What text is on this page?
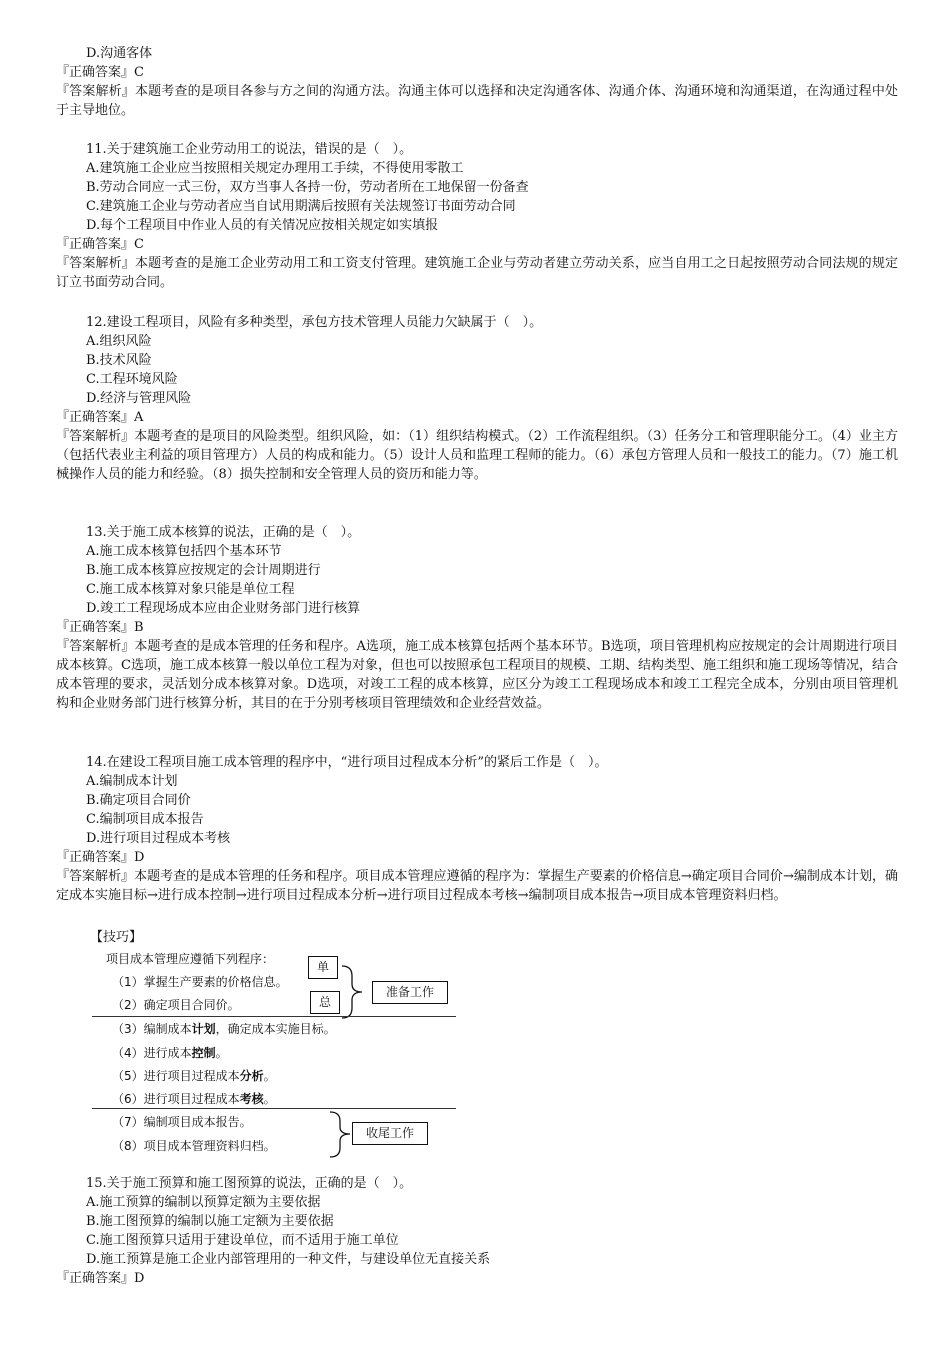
D.沟通客体
『正确答案』C
『答案解析』本题考查的是项目各参与方之间的沟通方法。沟通主体可以选择和决定沟通客体、沟通介体、沟通环境和沟通渠道，在沟通过程中处于主导地位。
11.关于建筑施工企业劳动用工的说法，错误的是（　）。
A.建筑施工企业应当按照相关规定办理用工手续，不得使用零散工
B.劳动合同应一式三份，双方当事人各持一份，劳动者所在工地保留一份备查
C.建筑施工企业与劳动者应当自试用期满后按照有关法规签订书面劳动合同
D.每个工程项目中作业人员的有关情况应按相关规定如实填报
『正确答案』C
『答案解析』本题考查的是施工企业劳动用工和工资支付管理。建筑施工企业与劳动者建立劳动关系，应当自用工之日起按照劳动合同法规的规定订立书面劳动合同。
12.建设工程项目，风险有多种类型，承包方技术管理人员能力欠缺属于（　）。
A.组织风险
B.技术风险
C.工程环境风险
D.经济与管理风险
『正确答案』A
『答案解析』本题考查的是项目的风险类型。组织风险，如：（1）组织结构模式。（2）工作流程组织。（3）任务分工和管理职能分工。（4）业主方（包括代表业主利益的项目管理方）人员的构成和能力。（5）设计人员和监理工程师的能力。（6）承包方管理人员和一般技工的能力。（7）施工机械操作人员的能力和经验。（8）损失控制和安全管理人员的资历和能力等。
13.关于施工成本核算的说法，正确的是（　）。
A.施工成本核算包括四个基本环节
B.施工成本核算应按规定的会计周期进行
C.施工成本核算对象只能是单位工程
D.竣工工程现场成本应由企业财务部门进行核算
『正确答案』B
『答案解析』本题考查的是成本管理的任务和程序。A选项，施工成本核算包括两个基本环节。B选项，项目管理机构应按规定的会计周期进行项目成本核算。C选项，施工成本核算一般以单位工程为对象，但也可以按照承包工程项目的规模、工期、结构类型、施工组织和施工现场等情况，结合成本管理的要求，灵活划分成本核算对象。D选项，对竣工工程的成本核算，应区分为竣工工程现场成本和竣工工程完全成本，分别由项目管理机构和企业财务部门进行核算分析，其目的在于分别考核项目管理绩效和企业经营效益。
14.在建设工程项目施工成本管理的程序中，“进行项目过程成本分析”的紧后工作是（　）。
A.编制成本计划
B.确定项目合同价
C.编制项目成本报告
D.进行项目过程成本考核
『正确答案』D
『答案解析』本题考查的是成本管理的任务和程序。项目成本管理应遵循的程序为：掌握生产要素的价格信息→确定项目合同价→编制成本计划，确定成本实施目标→进行成本控制→进行项目过程成本分析→进行项目过程成本考核→编制项目成本报告→项目成本管理资料归档。
【技巧】
项目成本管理应遵循下列程序：
（1）掌握生产要素的价格信息。
（2）确定项目合同价。
单
总
准备工作
（3）编制成本计划，确定成本实施目标。
（4）进行成本控制。
（5）进行项目过程成本分析。
（6）进行项目过程成本考核。
（7）编制项目成本报告。
（8）项目成本管理资料归档。
收尾工作
15.关于施工预算和施工图预算的说法，正确的是（　）。
A.施工预算的编制以预算定额为主要依据
B.施工图预算的编制以施工定额为主要依据
C.施工图预算只适用于建设单位，而不适用于施工单位
D.施工预算是施工企业内部管理用的一种文件，与建设单位无直接关系
『正确答案』D
